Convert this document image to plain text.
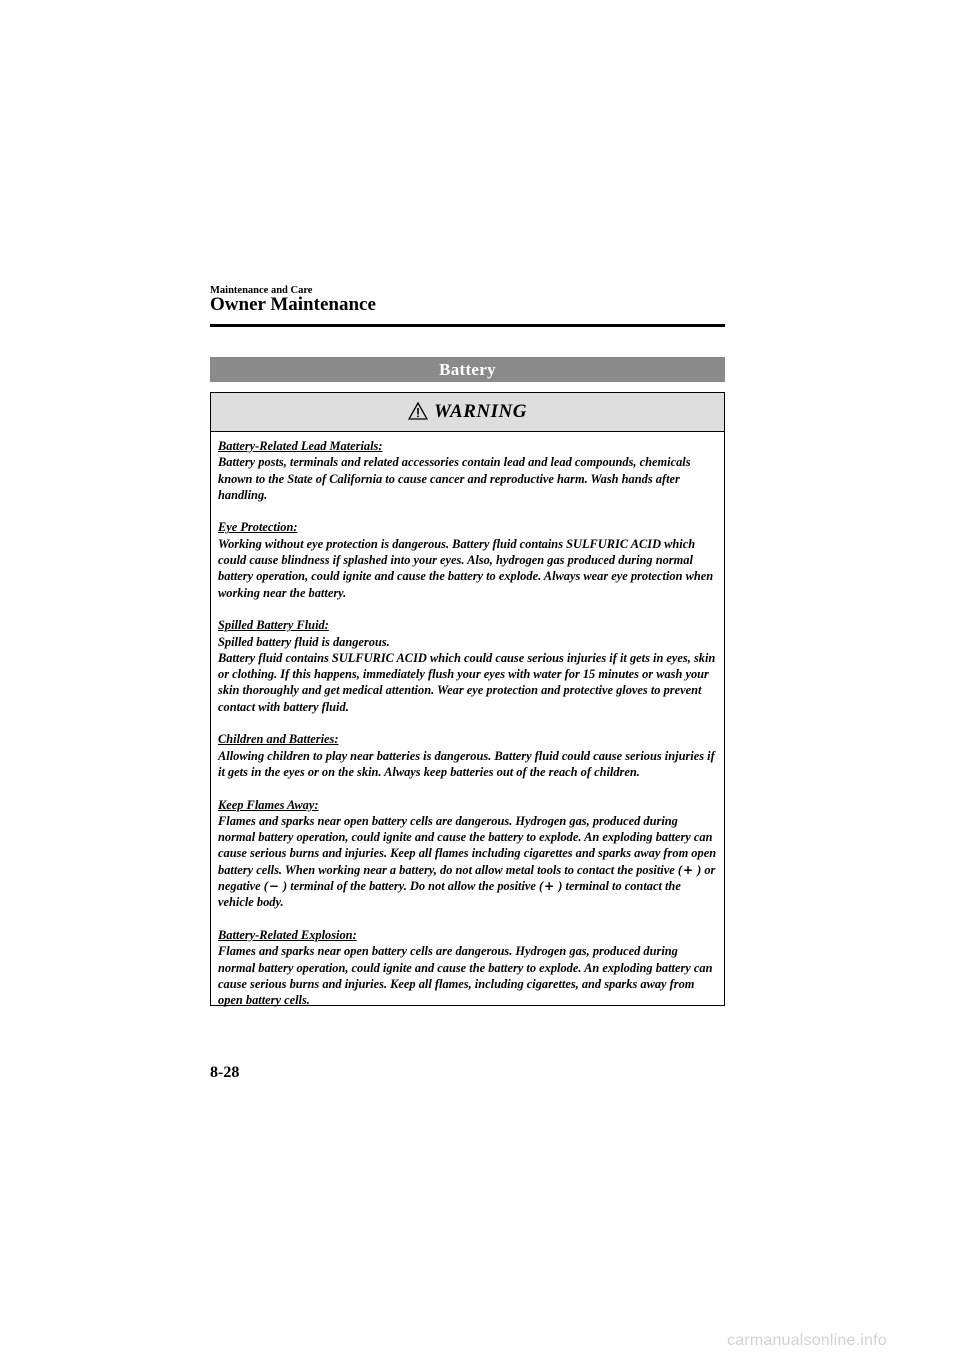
Maintenance and Care
Owner Maintenance
Battery
WARNING
Battery-Related Lead Materials:
Battery posts, terminals and related accessories contain lead and lead compounds, chemicals known to the State of California to cause cancer and reproductive harm. Wash hands after handling.
Eye Protection:
Working without eye protection is dangerous. Battery fluid contains SULFURIC ACID which could cause blindness if splashed into your eyes. Also, hydrogen gas produced during normal battery operation, could ignite and cause the battery to explode. Always wear eye protection when working near the battery.
Spilled Battery Fluid:
Spilled battery fluid is dangerous.
Battery fluid contains SULFURIC ACID which could cause serious injuries if it gets in eyes, skin or clothing. If this happens, immediately flush your eyes with water for 15 minutes or wash your skin thoroughly and get medical attention. Wear eye protection and protective gloves to prevent contact with battery fluid.
Children and Batteries:
Allowing children to play near batteries is dangerous. Battery fluid could cause serious injuries if it gets in the eyes or on the skin. Always keep batteries out of the reach of children.
Keep Flames Away:
Flames and sparks near open battery cells are dangerous. Hydrogen gas, produced during normal battery operation, could ignite and cause the battery to explode. An exploding battery can cause serious burns and injuries. Keep all flames including cigarettes and sparks away from open battery cells. When working near a battery, do not allow metal tools to contact the positive (+ ) or negative (− ) terminal of the battery. Do not allow the positive (+ ) terminal to contact the vehicle body.
Battery-Related Explosion:
Flames and sparks near open battery cells are dangerous. Hydrogen gas, produced during normal battery operation, could ignite and cause the battery to explode. An exploding battery can cause serious burns and injuries. Keep all flames, including cigarettes, and sparks away from open battery cells.
8-28
carmanualsonline.info
